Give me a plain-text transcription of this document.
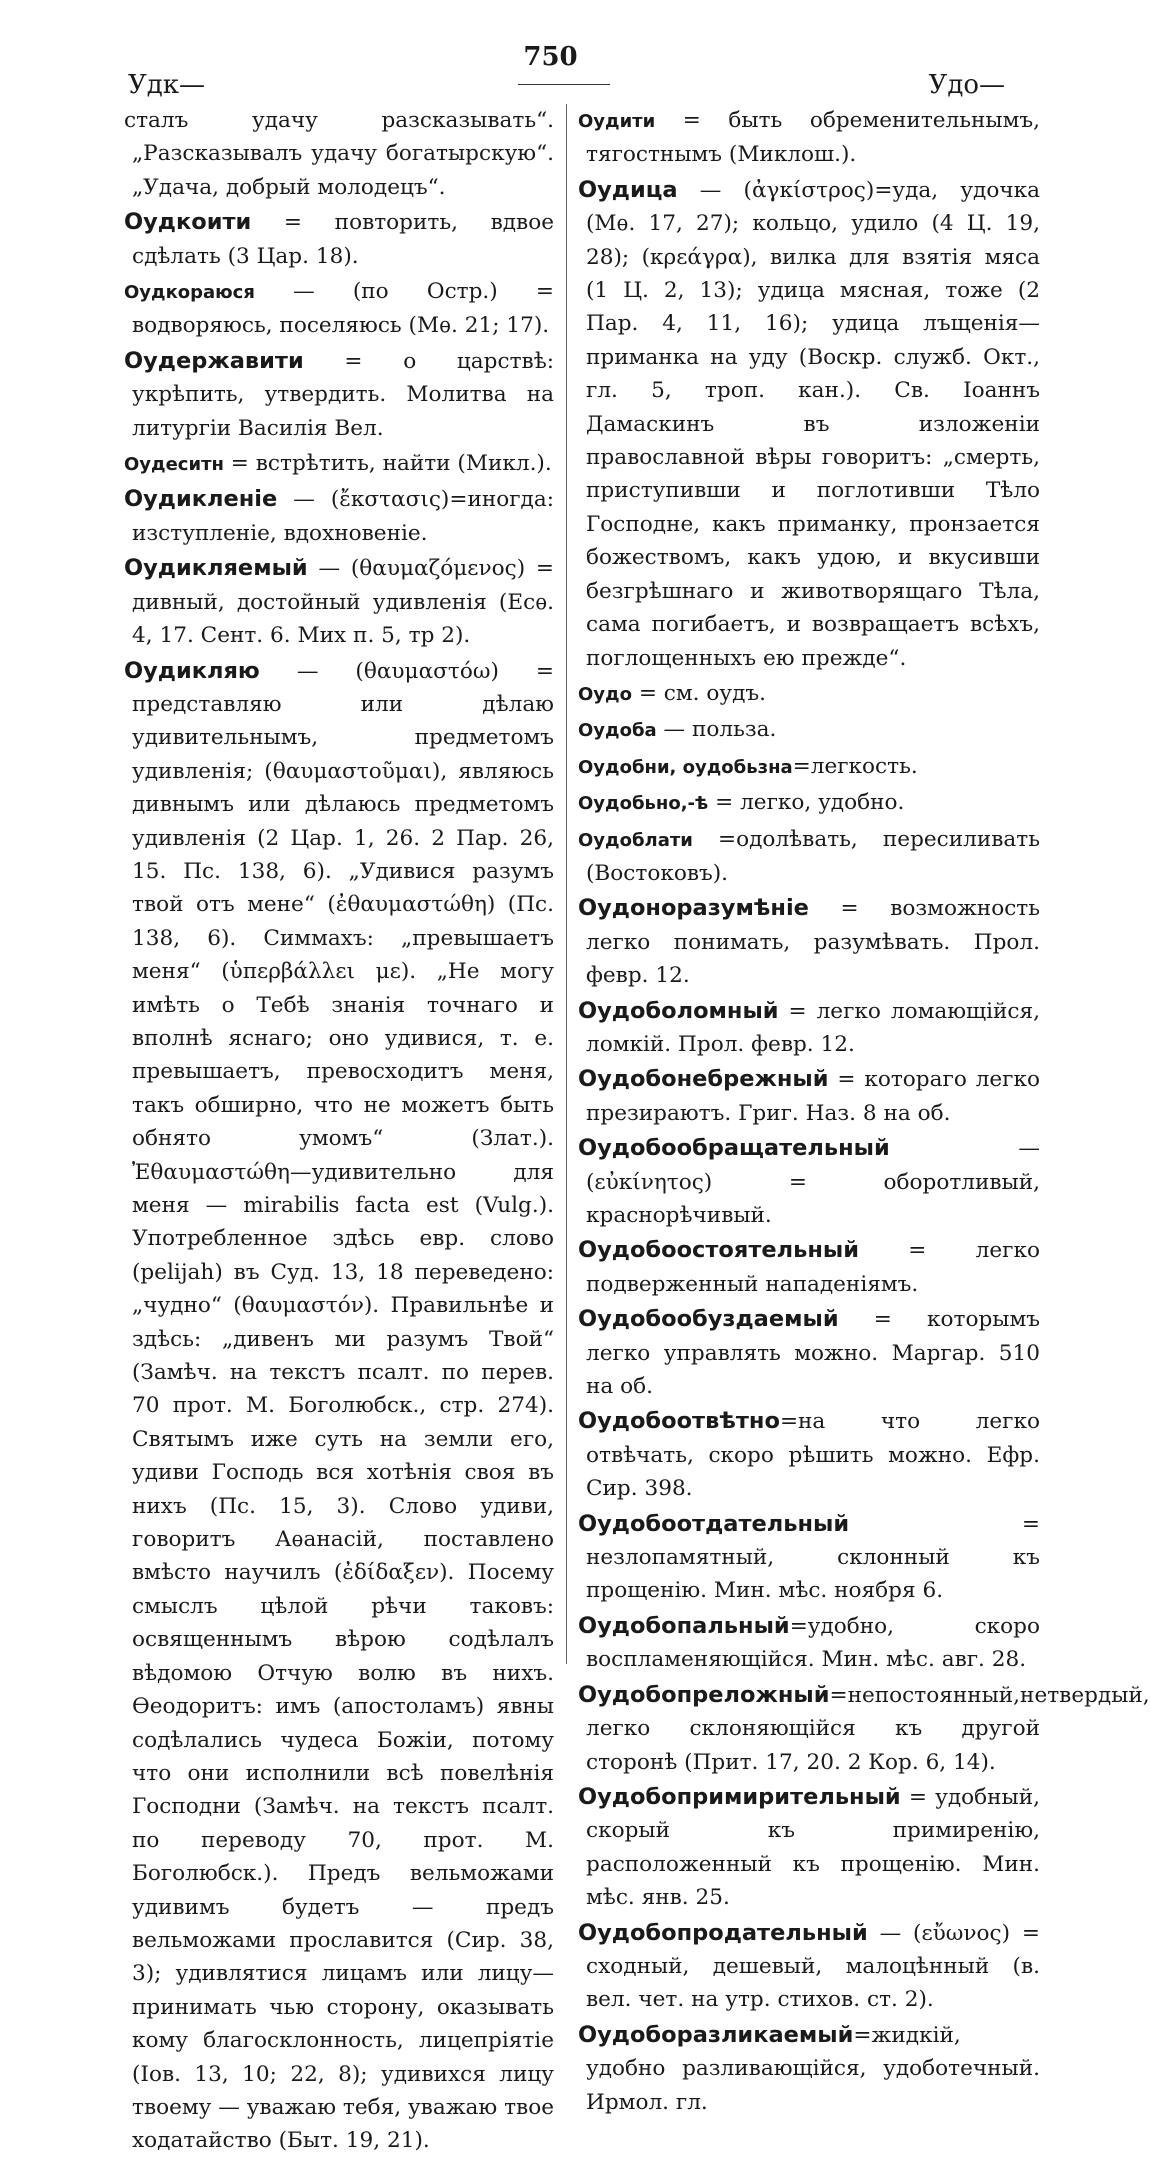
Удк—
750
Удо—

сталъ удачу разсказывать“. „Разсказывалъ удачу богатырскую“. „Удача, добрый молодецъ“.

Оудкоити = повторить, вдвое сдѣлать (3 Цар. 18).

Оудкораюся — (по Остр.) = водворяюсь, поселяюсь (Мѳ. 21; 17).

Оудержавити = о царствѣ: укрѣпить, утвердить. Молитва на литургіи Василія Вел.

Оудеситн = встрѣтить, найти (Микл.).

Оудикленіе — (ἔκστασις)=иногда: изступленіе, вдохновеніе.

Оудикляемый — (θαυμαζόμενος) = дивный, достойный удивленія (Есѳ. 4, 17. Сент. 6. Мих п. 5, тр 2).

Оудикляю — (θαυμαστόω) = представляю или дѣлаю удивительнымъ, предметомъ удивленія; (θαυμαστοῦμαι), являюсь дивнымъ или дѣлаюсь предметомъ удивленія (2 Цар. 1, 26. 2 Пар. 26, 15. Пс. 138, 6). „Удивися разумъ твой отъ мене“ (ἐθαυμαστώθη) (Пс. 138, 6). Симмахъ: „превышаетъ меня“ (ὑπερβάλλει με). „Не могу имѣть о Тебѣ знанія точнаго и вполнѣ яснаго; оно удивися, т. е. превышаетъ, превосходитъ меня, такъ обширно, что не можетъ быть обнято умомъ“ (Злат.). Ἐθαυμαστώθη—удивительно для меня — mirabilis facta est (Vulg.). Употребленное здѣсь евр. слово (pelijah) въ Суд. 13, 18 переведено: „чудно“ (θαυμαστόν). Правильнѣе и здѣсь: „дивенъ ми разумъ Твой“ (Замѣч. на текстъ псалт. по перев. 70 прот. М. Боголюбск., стр. 274). Святымъ иже суть на земли его, удиви Господь вся хотѣнія своя въ нихъ (Пс. 15, 3). Слово удиви, говоритъ Аѳанасій, поставлено вмѣсто научилъ (ἐδίδαξεν). Посему смыслъ цѣлой рѣчи таковъ: освященнымъ вѣрою содѣлалъ вѣдомою Отчую волю въ нихъ. Ѳеодоритъ: имъ (апостоламъ) явны содѣлались чудеса Божіи, потому что они исполнили всѣ повелѣнія Господни (Замѣч. на текстъ псалт. по переводу 70, прот. М. Боголюбск.). Предъ вельможами удивимъ будетъ — предъ вельможами прославится (Сир. 38, 3); удивлятися лицамъ или лицу—принимать чью сторону, оказывать кому благосклонность, лицепріятіе (Іов. 13, 10; 22, 8); удивихся лицу твоему — уважаю тебя, уважаю твое ходатайство (Быт. 19, 21).

Оудити = быть обременительнымъ, тягостнымъ (Миклош.).

Оудица — (ἀγκίστρος)=уда, удочка (Мѳ. 17, 27); кольцо, удило (4 Ц. 19, 28); (κρεάγρα), вилка для взятія мяса (1 Ц. 2, 13); удица мясная, тоже (2 Пар. 4, 11, 16); удица лъщенія—приманка на уду (Воскр. служб. Окт., гл. 5, троп. кан.). Св. Іоаннъ Дамаскинъ въ изложеніи православной вѣры говоритъ: „смерть, приступивши и поглотивши Тѣло Господне, какъ приманку, пронзается божествомъ, какъ удою, и вкусивши безгрѣшнаго и животворящаго Тѣла, сама погибаетъ, и возвращаетъ всѣхъ, поглощенныхъ ею прежде“.

Оудо = см. оудъ.

Оудоба — польза.

Оудобни, оудобьзна=легкость.

Оудобьно,-ѣ = легко, удобно.

Оудоблати =одолѣвать, пересиливать (Востоковъ).

Оудоноразумѣніе = возможность легко понимать, разумѣвать. Прол. февр. 12.

Оудоболомный = легко ломающійся, ломкій. Прол. февр. 12.

Оудобонебрежный = котораго легко презираютъ. Григ. Наз. 8 на об.

Оудобообращательный — (εὐκίνητος) = оборотливый, краснорѣчивый.

Оудобоостоятельный = легко подверженный нападеніямъ.

Оудобообуздаемый = которымъ легко управлять можно. Маргар. 510 на об.

Оудобоотвѣтно=на что легко отвѣчать, скоро рѣшить можно. Ефр. Сир. 398.

Оудобоотдательный = незлопамятный, склонный къ прощенію. Мин. мѣс. ноября 6.

Оудобопальный=удобно, скоро воспламеняющійся. Мин. мѣс. авг. 28.

Оудобопреложный=непостоянный,нетвердый, легко склоняющійся къ другой сторонѣ (Прит. 17, 20. 2 Кор. 6, 14).

Оудобопримирительный = удобный, скорый къ примиренію, расположенный къ прощенію. Мин. мѣс. янв. 25.

Оудобопродательный — (εὔωνος) = сходный, дешевый, малоцѣнный (в. вел. чет. на утр. стихов. ст. 2).

Оудоборазликаемый=жидкій, удобно разливающійся, удоботечный. Ирмол. гл.
